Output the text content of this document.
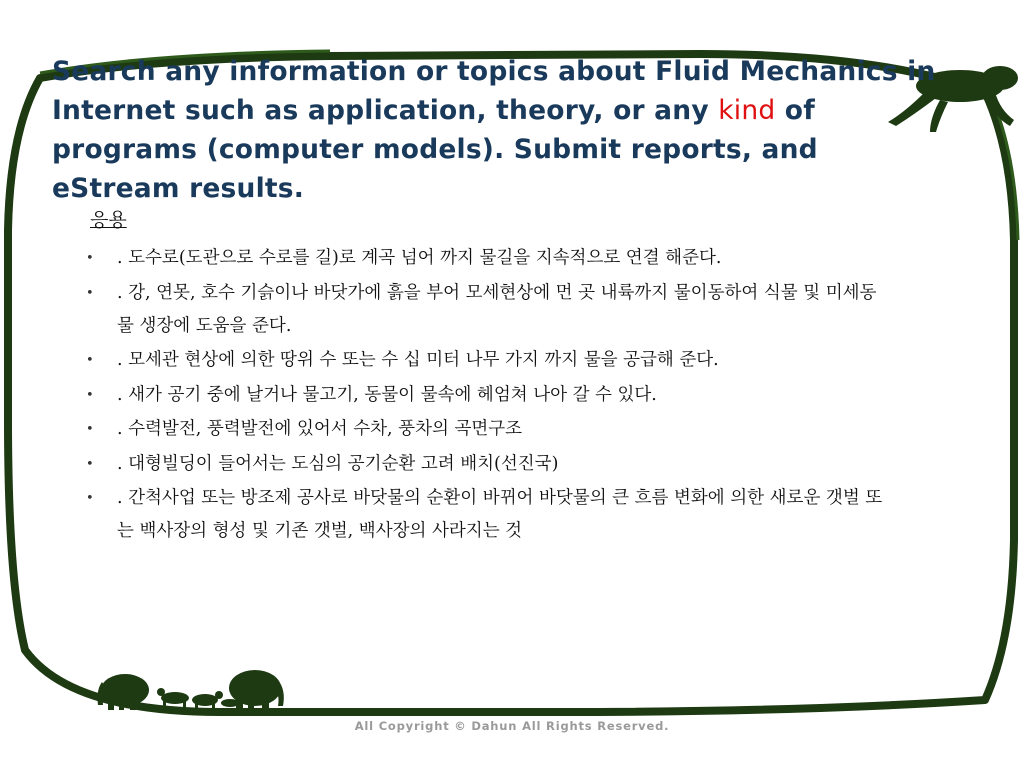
Search any information or topics about Fluid Mechanics in Internet such as application, theory, or any kind of programs (computer models). Submit reports, and eStream results.
응용
• . 도수로(도관으로 수로를 길)로 계곡 넘어 까지 물길을 지속적으로 연결 해준다.
• . 강, 연못, 호수 기슭이나 바닷가에 흙을 부어 모세현상에 먼 곳 내륙까지 물이동하여 식물 및 미세동물 생장에 도움을 준다.
• . 모세관 현상에 의한 땅위 수 또는 수 십 미터 나무 가지 까지 물을 공급해 준다.
• . 새가 공기 중에 날거나 물고기, 동물이 물속에 헤엄쳐 나아 갈 수 있다.
• . 수력발전, 풍력발전에 있어서 수차, 풍차의 곡면구조
• . 대형빌딩이 들어서는 도심의 공기순환 고려 배치(선진국)
• . 간척사업 또는 방조제 공사로 바닷물의 순환이 바뀌어 바닷물의 큰 흐름 변화에 의한 새로운 갯벌 또는 백사장의 형성 및 기존 갯벌, 백사장의 사라지는 것
All Copyright © Dahun All Rights Reserved.
